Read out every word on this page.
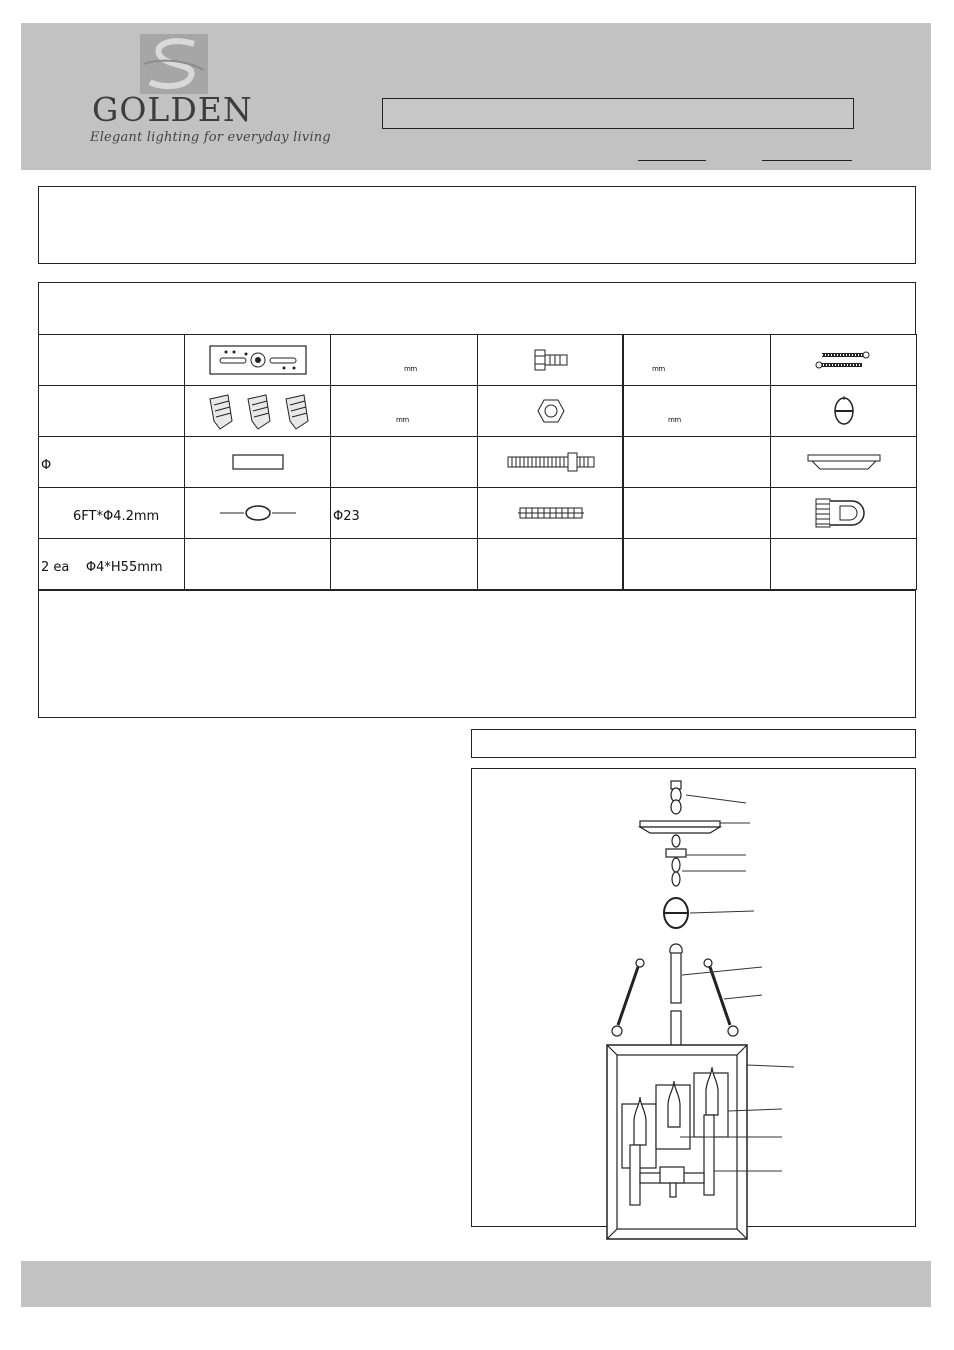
GOLDEN
Elegant lighting for everyday living

mm		mm

mm		mm

Φ

6FT*Φ4.2mm		Φ23

2 ea    Φ4*H55mm					
